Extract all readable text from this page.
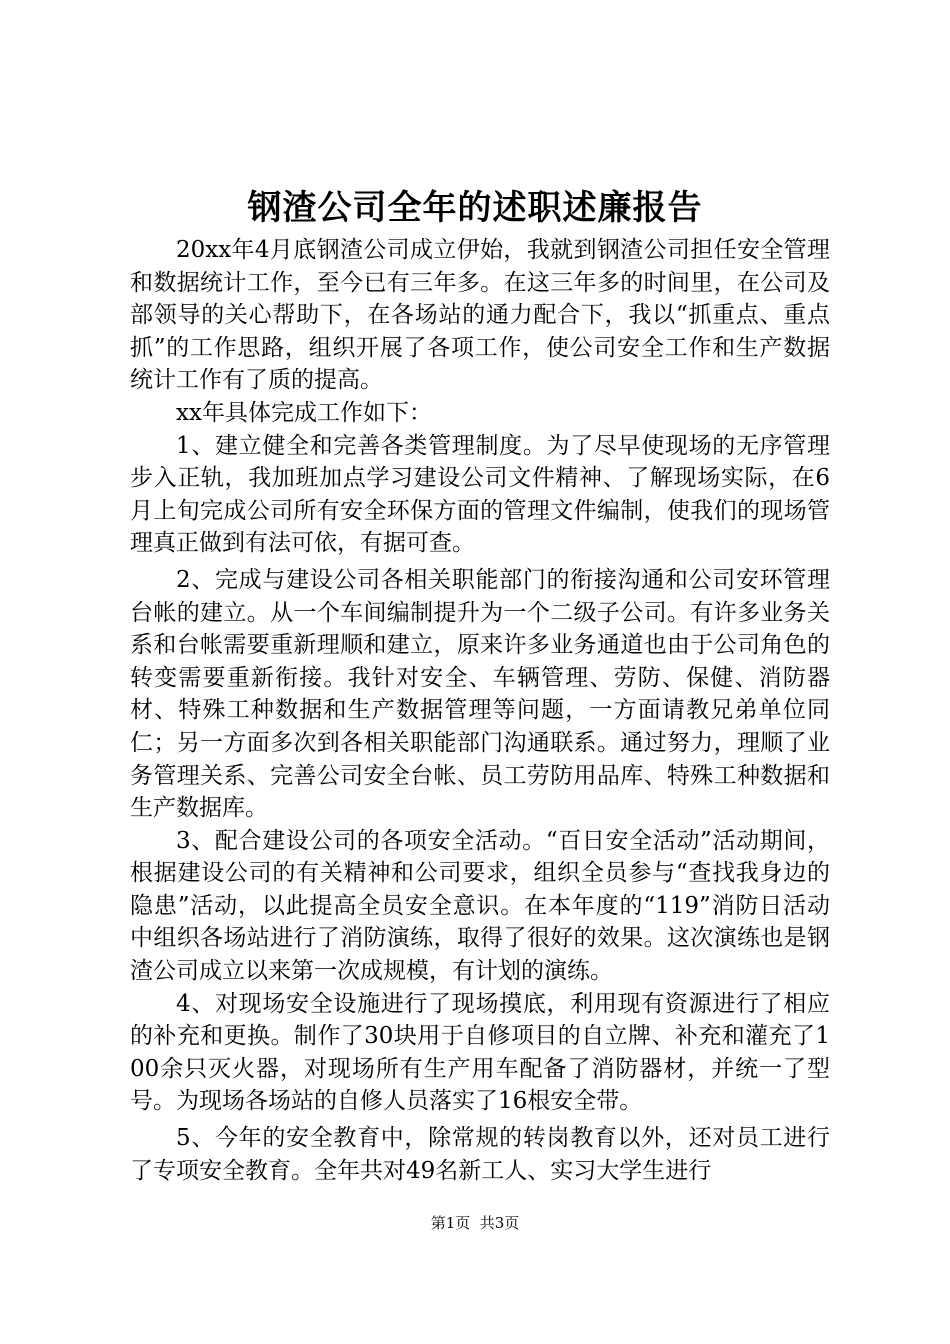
钢渣公司全年的述职述廉报告

20xx年4月底钢渣公司成立伊始，我就到钢渣公司担任安全管理和数据统计工作，至今已有三年多。在这三年多的时间里，在公司及部领导的关心帮助下，在各场站的通力配合下，我以“抓重点、重点抓”的工作思路，组织开展了各项工作，使公司安全工作和生产数据统计工作有了质的提高。

xx年具体完成工作如下：

1、建立健全和完善各类管理制度。为了尽早使现场的无序管理步入正轨，我加班加点学习建设公司文件精神、了解现场实际，在6月上旬完成公司所有安全环保方面的管理文件编制，使我们的现场管理真正做到有法可依，有据可查。

2、完成与建设公司各相关职能部门的衔接沟通和公司安环管理台帐的建立。从一个车间编制提升为一个二级子公司。有许多业务关系和台帐需要重新理顺和建立，原来许多业务通道也由于公司角色的转变需要重新衔接。我针对安全、车辆管理、劳防、保健、消防器材、特殊工种数据和生产数据管理等问题，一方面请教兄弟单位同仁；另一方面多次到各相关职能部门沟通联系。通过努力，理顺了业务管理关系、完善公司安全台帐、员工劳防用品库、特殊工种数据和生产数据库。

3、配合建设公司的各项安全活动。“百日安全活动”活动期间，根据建设公司的有关精神和公司要求，组织全员参与“查找我身边的隐患”活动，以此提高全员安全意识。在本年度的“119”消防日活动中组织各场站进行了消防演练，取得了很好的效果。这次演练也是钢渣公司成立以来第一次成规模，有计划的演练。

4、对现场安全设施进行了现场摸底，利用现有资源进行了相应的补充和更换。制作了30块用于自修项目的自立牌、补充和灌充了100余只灭火器，对现场所有生产用车配备了消防器材，并统一了型号。为现场各场站的自修人员落实了16根安全带。

5、今年的安全教育中，除常规的转岗教育以外，还对员工进行了专项安全教育。全年共对49名新工人、实习大学生进行

第1页  共3页
